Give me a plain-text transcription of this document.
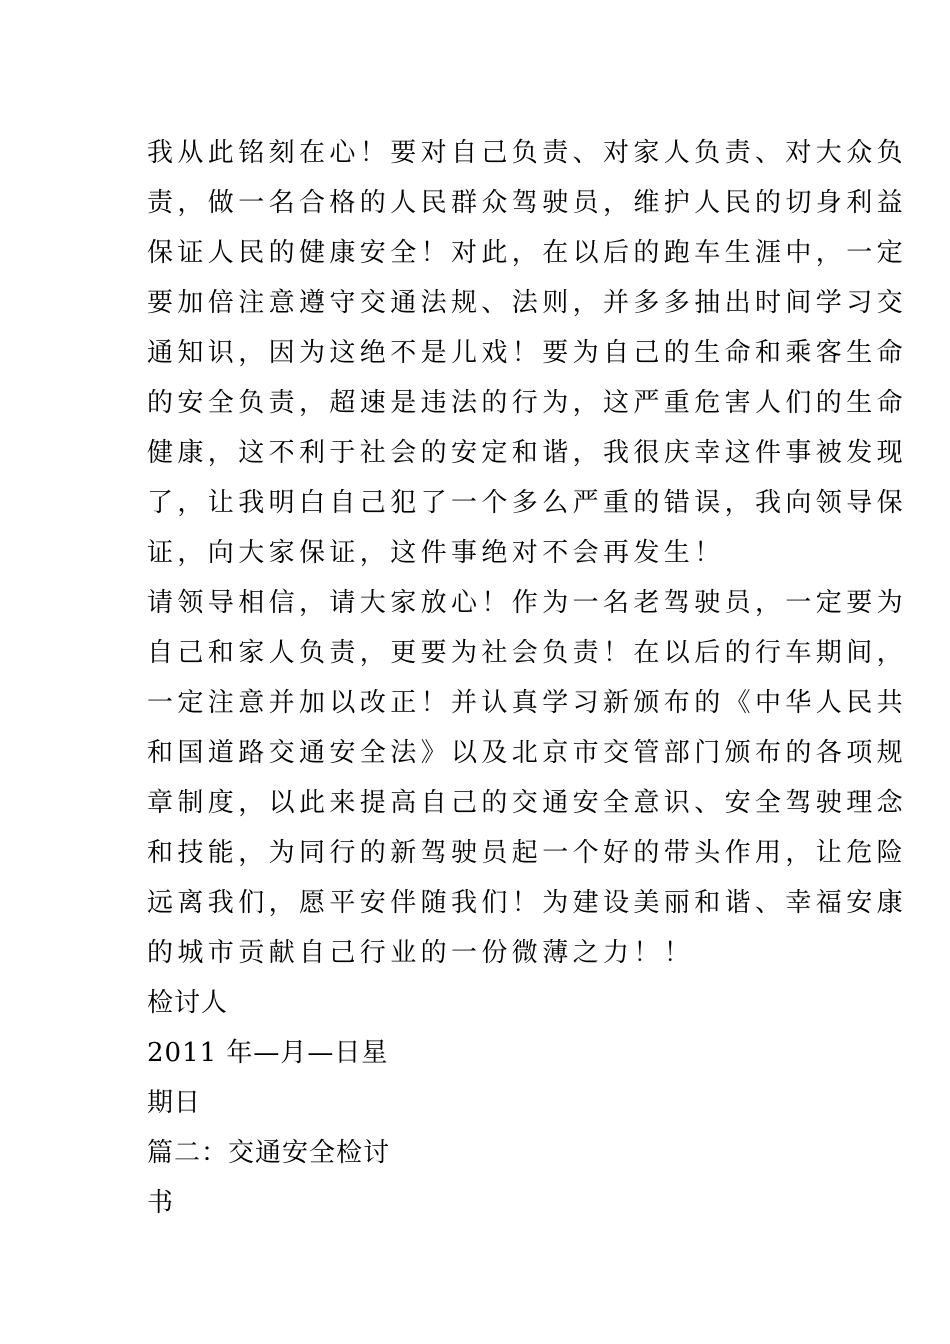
我从此铭刻在心！要对自己负责、对家人负责、对大众负
责，做一名合格的人民群众驾驶员，维护人民的切身利益
保证人民的健康安全！对此，在以后的跑车生涯中，一定
要加倍注意遵守交通法规、法则，并多多抽出时间学习交
通知识，因为这绝不是儿戏！要为自己的生命和乘客生命
的安全负责，超速是违法的行为，这严重危害人们的生命
健康，这不利于社会的安定和谐，我很庆幸这件事被发现
了，让我明白自己犯了一个多么严重的错误，我向领导保
证，向大家保证，这件事绝对不会再发生！
请领导相信，请大家放心！作为一名老驾驶员，一定要为
自己和家人负责，更要为社会负责！在以后的行车期间，
一定注意并加以改正！并认真学习新颁布的《中华人民共
和国道路交通安全法》以及北京市交管部门颁布的各项规
章制度，以此来提高自己的交通安全意识、安全驾驶理念
和技能，为同行的新驾驶员起一个好的带头作用，让危险
远离我们，愿平安伴随我们！为建设美丽和谐、幸福安康
的城市贡献自己行业的一份微薄之力！！
检讨人
2011 年—月—日星
期日
篇二：交通安全检讨
书
